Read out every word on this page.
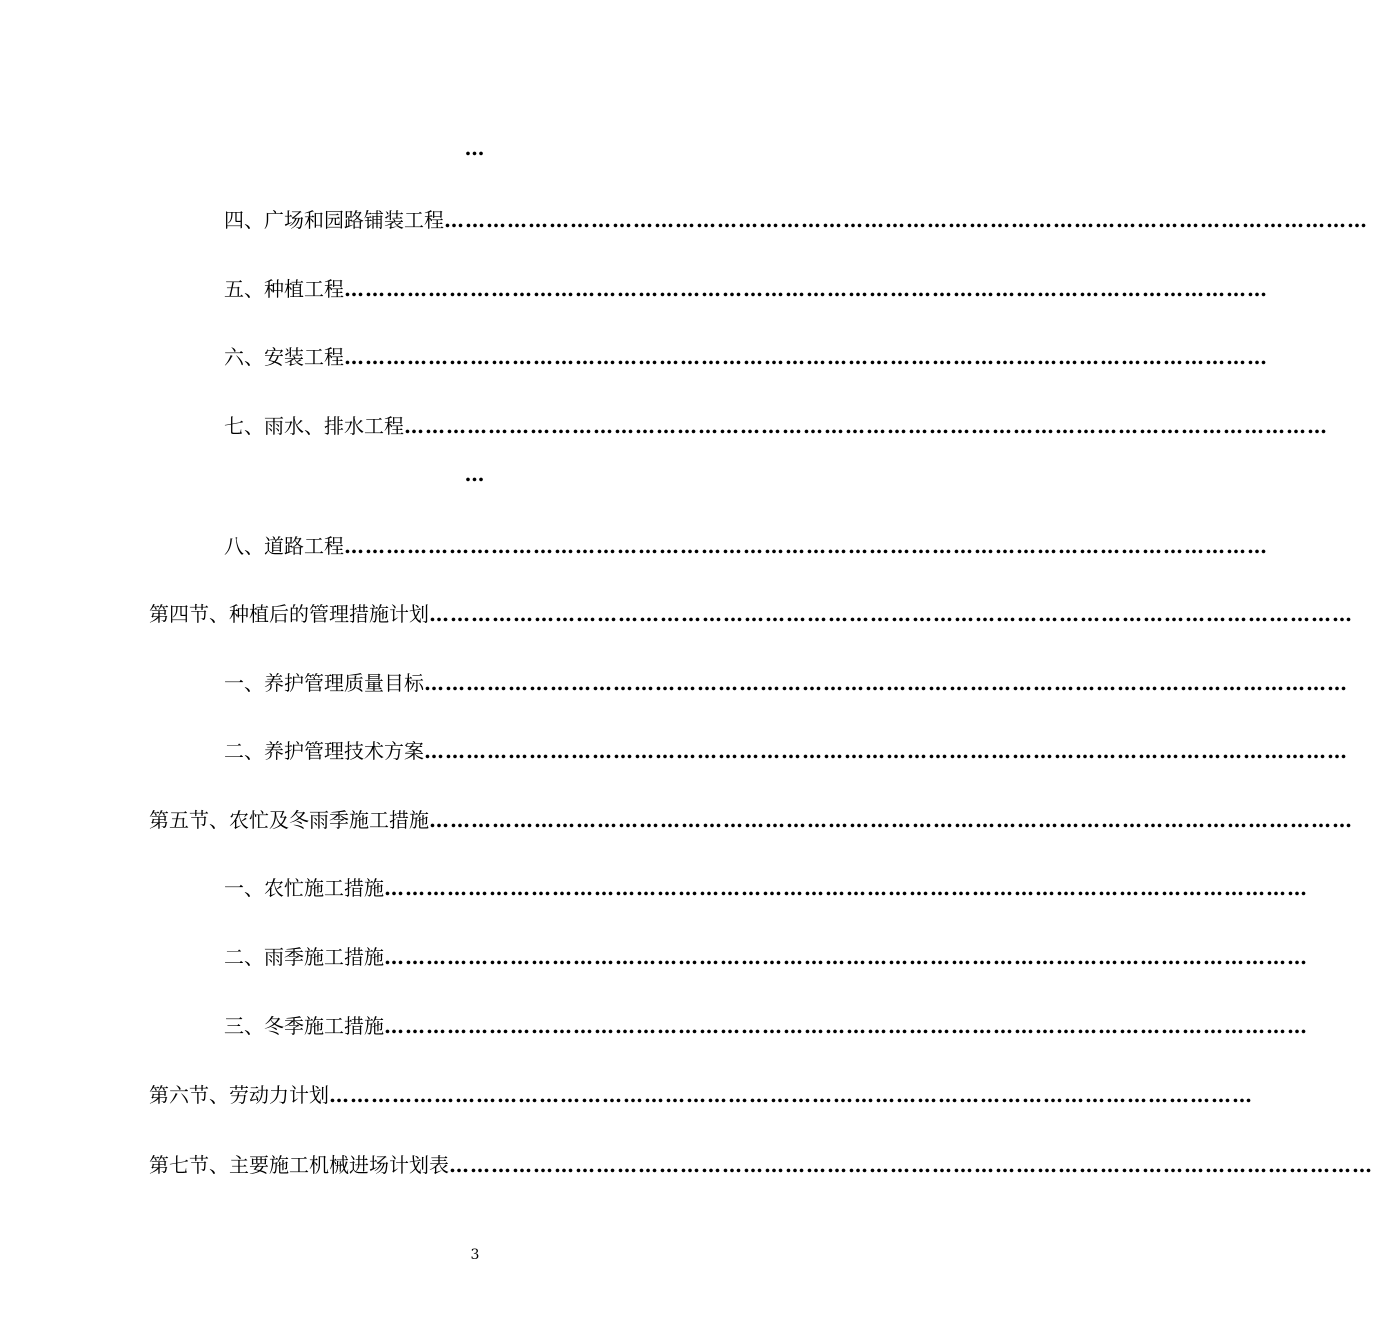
…
四、广场和园路铺装工程 ……………………………………………………………………………………………………………………
五、种植工程 ……………………………………………………………………………………………………………………
六、安装工程 ……………………………………………………………………………………………………………………
七、雨水、排水工程 ……………………………………………………………………………………………………………………
…
八、道路工程 ……………………………………………………………………………………………………………………
第四节、种植后的管理措施计划 ……………………………………………………………………………………………………………………
一、养护管理质量目标 ……………………………………………………………………………………………………………………
二、养护管理技术方案 ……………………………………………………………………………………………………………………
第五节、农忙及冬雨季施工措施 ……………………………………………………………………………………………………………………
一、农忙施工措施 ……………………………………………………………………………………………………………………
二、雨季施工措施 ……………………………………………………………………………………………………………………
三、冬季施工措施 ……………………………………………………………………………………………………………………
第六节、劳动力计划 ……………………………………………………………………………………………………………………
第七节、主要施工机械进场计划表 ……………………………………………………………………………………………………………………
3
